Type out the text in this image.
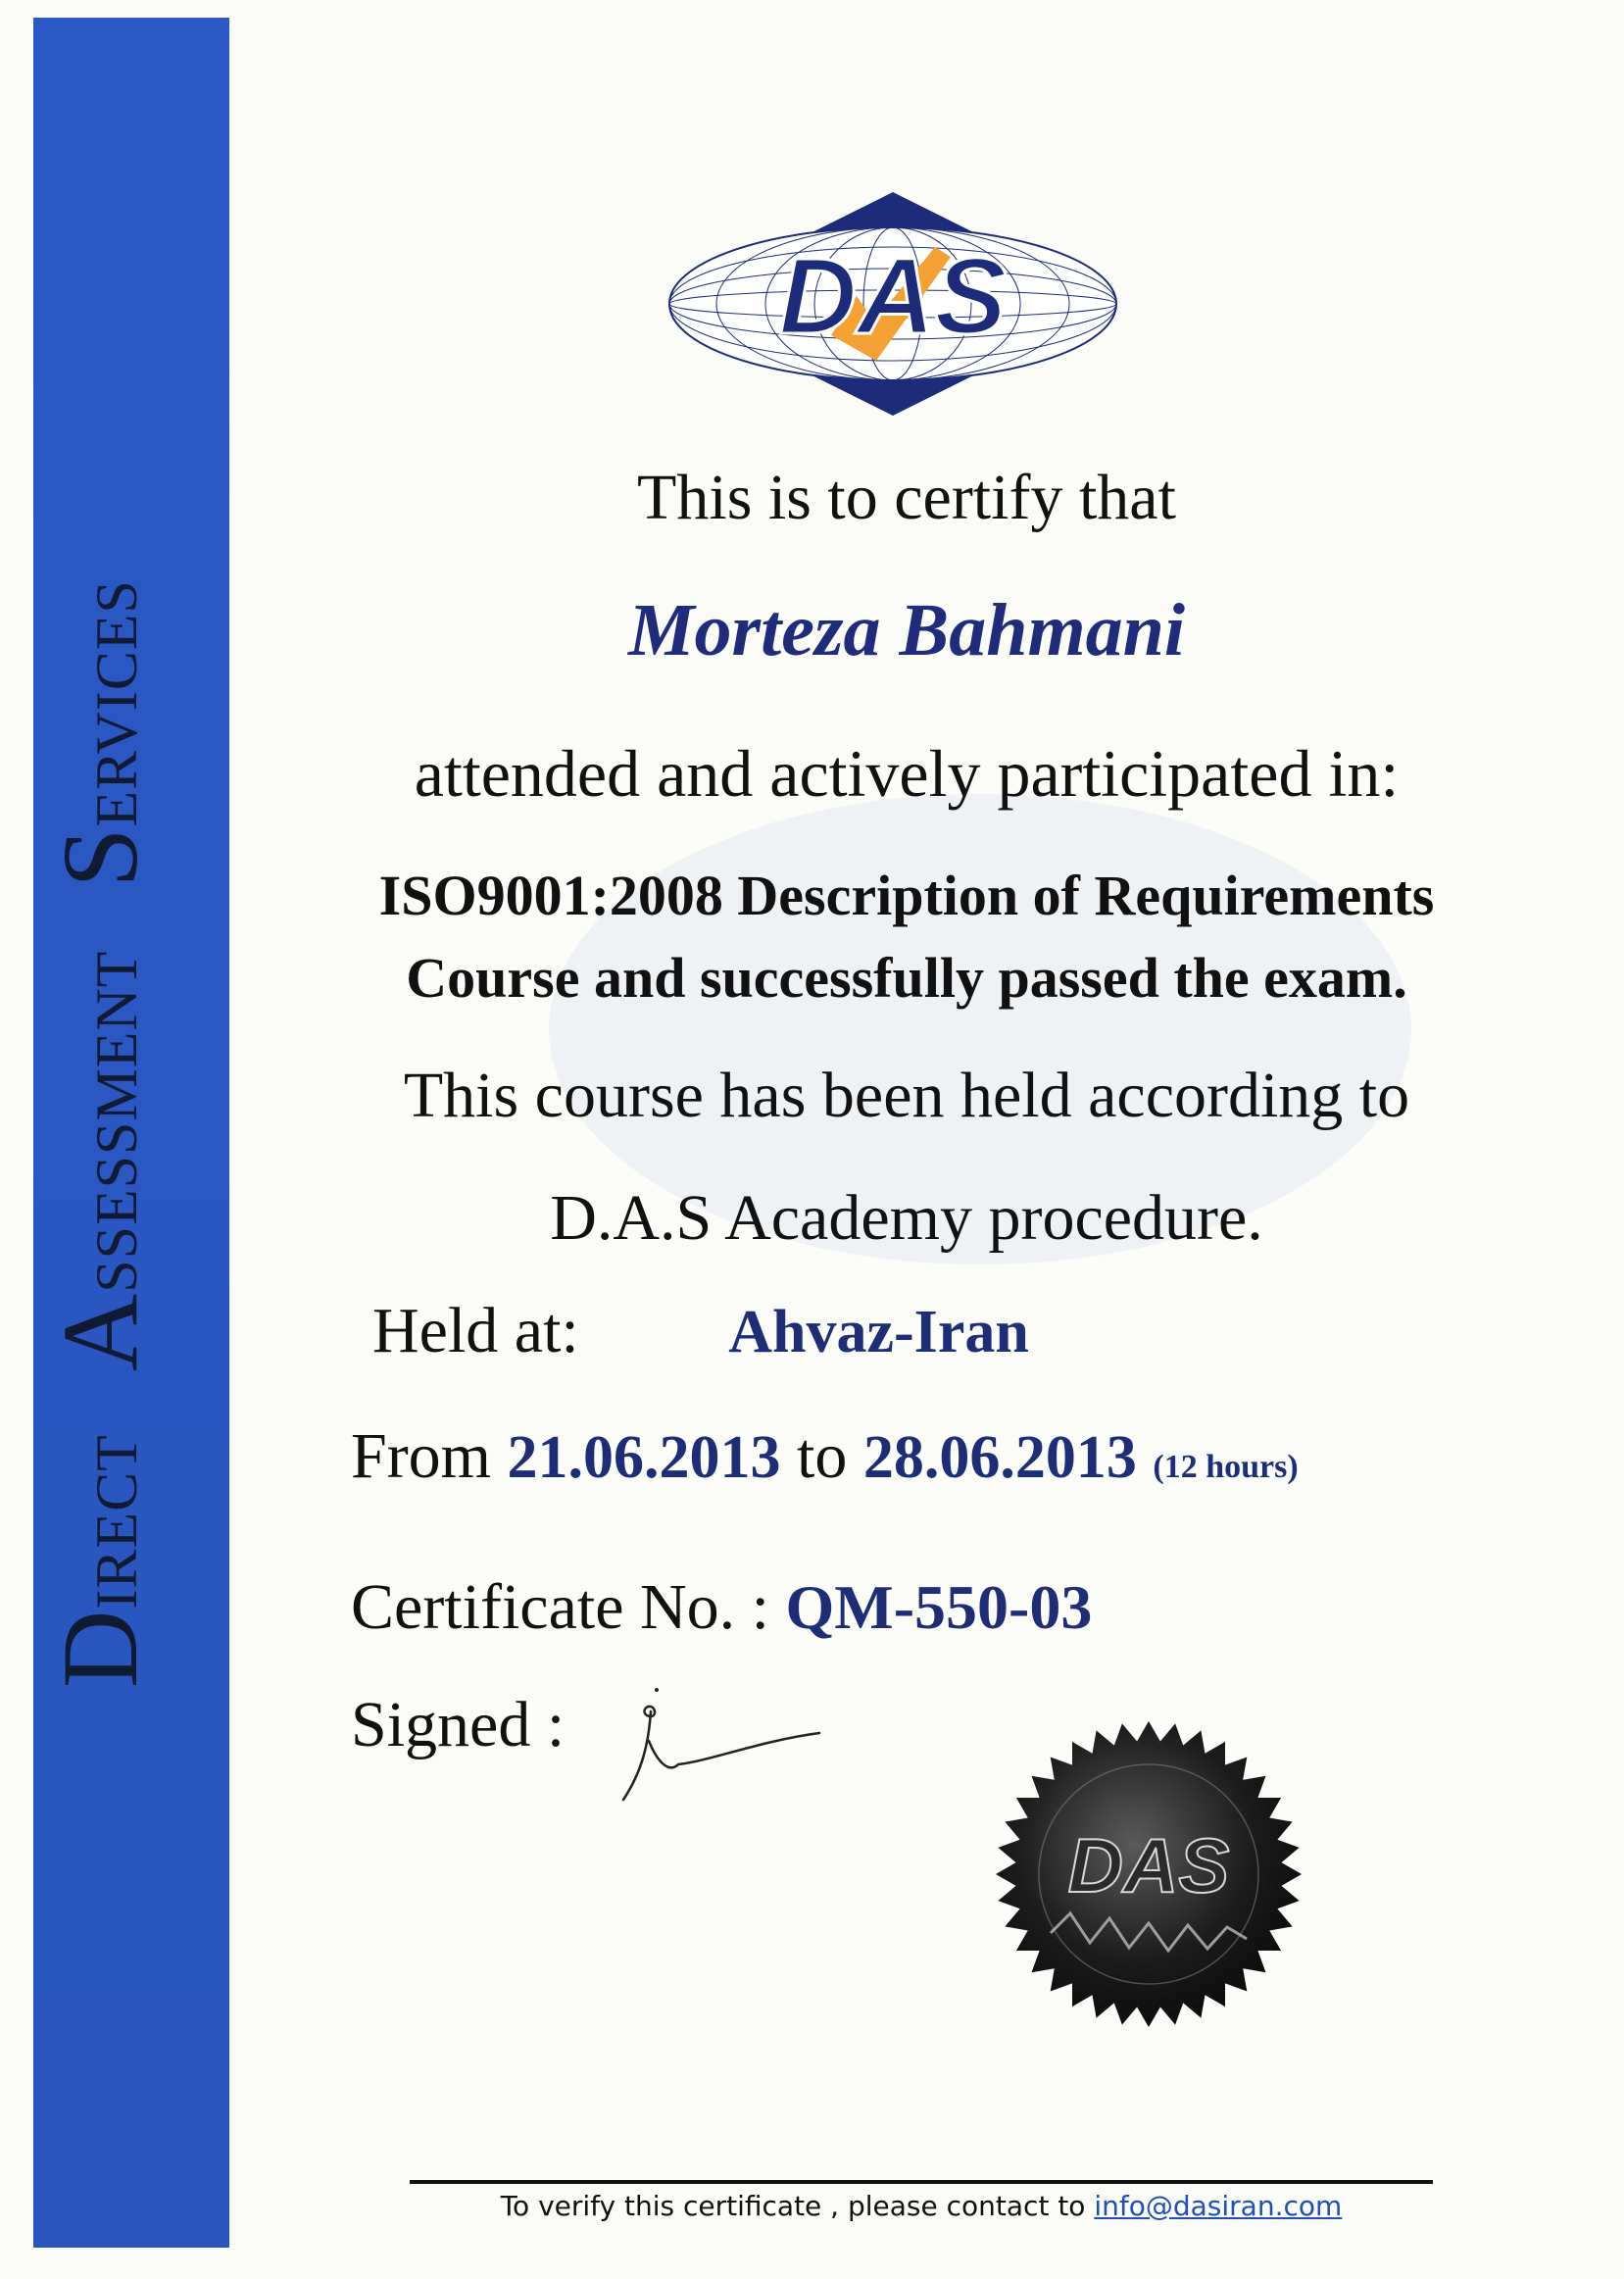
DIRECT    ASSESSMENT    SERVICES
DAS
This is to certify that
Morteza Bahmani
attended and actively participated in:
ISO9001:2008 Description of Requirements
Course and successfully passed the exam.
This course has been held according to
D.A.S Academy procedure.
Held at: Ahvaz-Iran
From 21.06.2013 to 28.06.2013 (12 hours)
Certificate No. : QM-550-03
Signed :
DAS
To verify this certificate , please contact to info@dasiran.com
